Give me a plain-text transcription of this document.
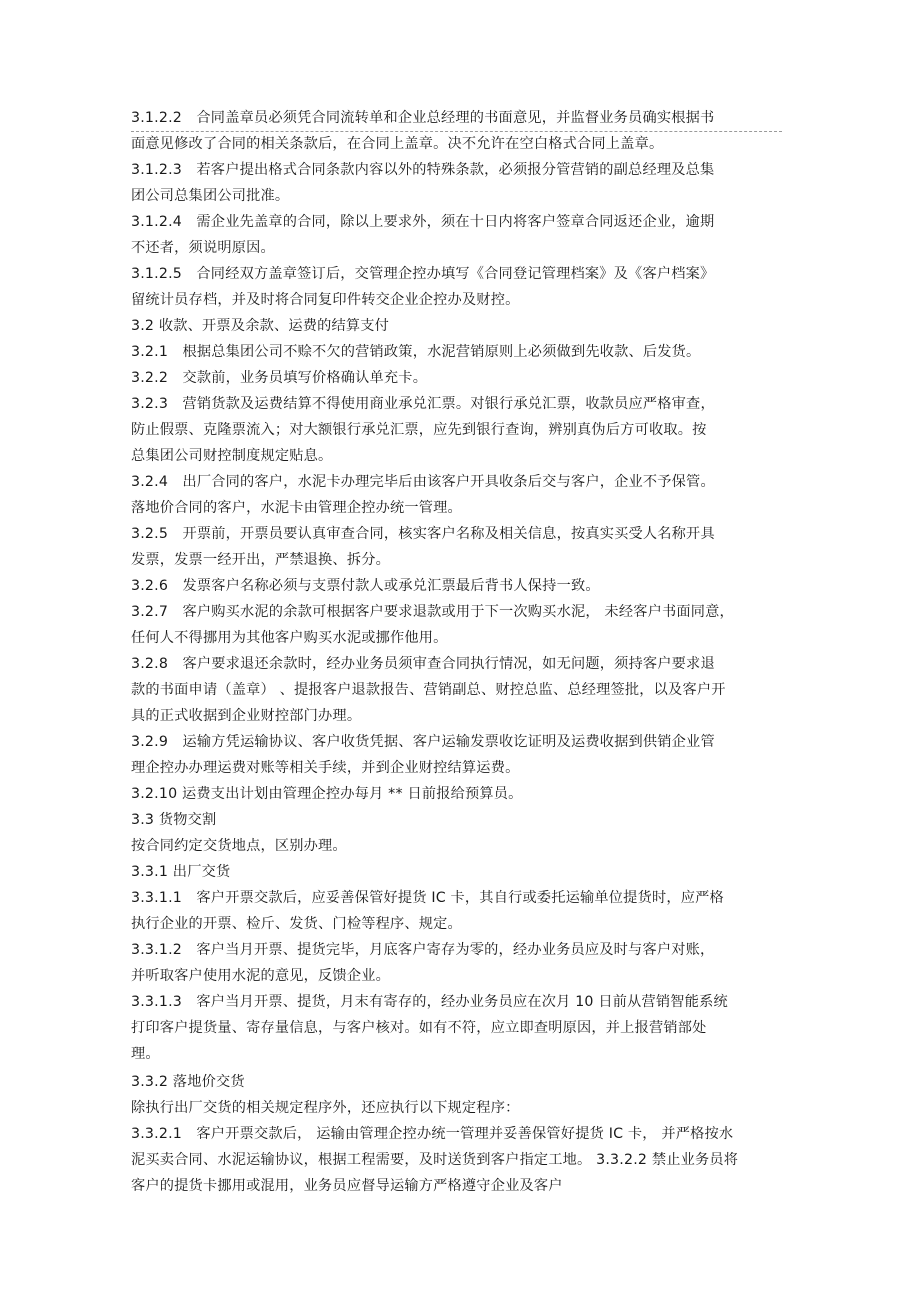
3.1.2.2　合同盖章员必须凭合同流转单和企业总经理的书面意见，并监督业务员确实根据书
面意见修改了合同的相关条款后，在合同上盖章。决不允许在空白格式合同上盖章。
3.1.2.3　若客户提出格式合同条款内容以外的特殊条款，必须报分管营销的副总经理及总集
团公司总集团公司批准。
3.1.2.4　需企业先盖章的合同，除以上要求外，须在十日内将客户签章合同返还企业，逾期
不还者，须说明原因。
3.1.2.5　合同经双方盖章签订后，交管理企控办填写《合同登记管理档案》及《客户档案》
留统计员存档，并及时将合同复印件转交企业企控办及财控。
3.2 收款、开票及余款、运费的结算支付
3.2.1　根据总集团公司不赊不欠的营销政策，水泥营销原则上必须做到先收款、后发货。
3.2.2　交款前，业务员填写价格确认单充卡。
3.2.3　营销货款及运费结算不得使用商业承兑汇票。对银行承兑汇票，收款员应严格审查，
防止假票、克隆票流入；对大额银行承兑汇票，应先到银行查询，辨别真伪后方可收取。按
总集团公司财控制度规定贴息。
3.2.4　出厂合同的客户，水泥卡办理完毕后由该客户开具收条后交与客户，企业不予保管。
落地价合同的客户，水泥卡由管理企控办统一管理。
3.2.5　开票前，开票员要认真审查合同，核实客户名称及相关信息，按真实买受人名称开具
发票，发票一经开出，严禁退换、拆分。
3.2.6　发票客户名称必须与支票付款人或承兑汇票最后背书人保持一致。
3.2.7　客户购买水泥的余款可根据客户要求退款或用于下一次购买水泥， 未经客户书面同意，
任何人不得挪用为其他客户购买水泥或挪作他用。
3.2.8　客户要求退还余款时，经办业务员须审查合同执行情况，如无问题，须持客户要求退
款的书面申请（盖章） 、提报客户退款报告、营销副总、财控总监、总经理签批，以及客户开
具的正式收据到企业财控部门办理。
3.2.9　运输方凭运输协议、客户收货凭据、客户运输发票收讫证明及运费收据到供销企业管
理企控办办理运费对账等相关手续，并到企业财控结算运费。
3.2.10 运费支出计划由管理企控办每月 ** 日前报给预算员。
3.3 货物交割
按合同约定交货地点，区别办理。
3.3.1 出厂交货
3.3.1.1　客户开票交款后，应妥善保管好提货 IC 卡，其自行或委托运输单位提货时，应严格
执行企业的开票、检斤、发货、门检等程序、规定。
3.3.1.2　客户当月开票、提货完毕，月底客户寄存为零的，经办业务员应及时与客户对账，
并听取客户使用水泥的意见，反馈企业。
3.3.1.3　客户当月开票、提货，月末有寄存的，经办业务员应在次月 10 日前从营销智能系统
打印客户提货量、寄存量信息，与客户核对。如有不符，应立即查明原因，并上报营销部处
理。
3.3.2 落地价交货
除执行出厂交货的相关规定程序外，还应执行以下规定程序：
3.3.2.1　客户开票交款后， 运输由管理企控办统一管理并妥善保管好提货 IC 卡， 并严格按水
泥买卖合同、水泥运输协议，根据工程需要，及时送货到客户指定工地。 3.3.2.2 禁止业务员将
客户的提货卡挪用或混用，业务员应督导运输方严格遵守企业及客户
